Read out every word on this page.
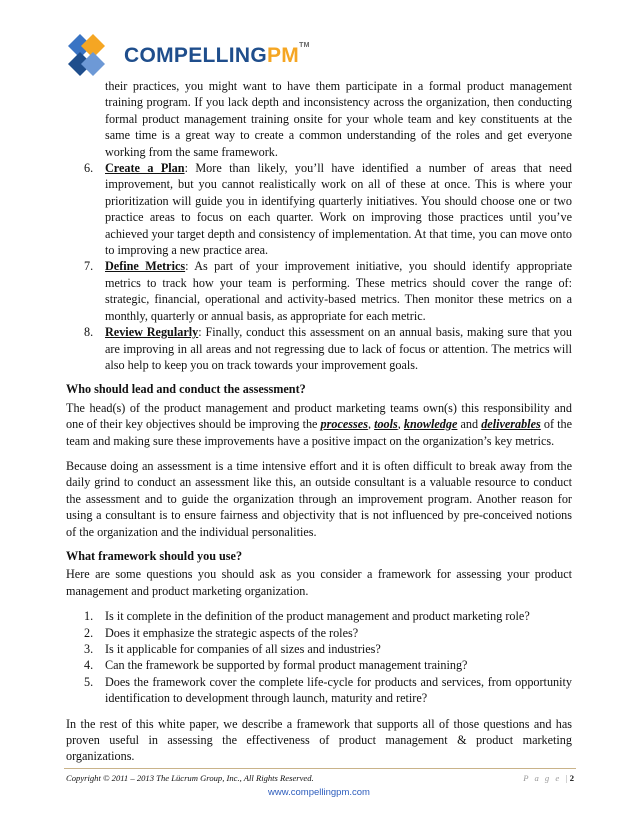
COMPELLINGPM™

their practices, you might want to have them participate in a formal product management training program. If you lack depth and inconsistency across the organization, then conducting formal product management training onsite for your whole team and key constituents at the same time is a great way to create a common understanding of the roles and get everyone working from the same framework.

6. Create a Plan: More than likely, you’ll have identified a number of areas that need improvement, but you cannot realistically work on all of these at once. This is where your prioritization will guide you in identifying quarterly initiatives. You should choose one or two practice areas to focus on each quarter. Work on improving those practices until you’ve achieved your target depth and consistency of implementation. At that time, you can move onto to improving a new practice area.
7. Define Metrics: As part of your improvement initiative, you should identify appropriate metrics to track how your team is performing. These metrics should cover the range of: strategic, financial, operational and activity-based metrics. Then monitor these metrics on a monthly, quarterly or annual basis, as appropriate for each metric.
8. Review Regularly: Finally, conduct this assessment on an annual basis, making sure that you are improving in all areas and not regressing due to lack of focus or attention. The metrics will also help to keep you on track towards your improvement goals.
Who should lead and conduct the assessment?

The head(s) of the product management and product marketing teams own(s) this responsibility and one of their key objectives should be improving the processes, tools, knowledge and deliverables of the team and making sure these improvements have a positive impact on the organization’s key metrics.

Because doing an assessment is a time intensive effort and it is often difficult to break away from the daily grind to conduct an assessment like this, an outside consultant is a valuable resource to conduct the assessment and to guide the organization through an improvement program. Another reason for using a consultant is to ensure fairness and objectivity that is not influenced by pre-conceived notions of the organization and the individual personalities.

What framework should you use?

Here are some questions you should ask as you consider a framework for assessing your product management and product marketing organization.

1. Is it complete in the definition of the product management and product marketing role?
2. Does it emphasize the strategic aspects of the roles?
3. Is it applicable for companies of all sizes and industries?
4. Can the framework be supported by formal product management training?
5. Does the framework cover the complete life-cycle for products and services, from opportunity identification to development through launch, maturity and retire?

In the rest of this white paper, we describe a framework that supports all of those questions and has proven useful in assessing the effectiveness of product management & product marketing organizations.

Copyright © 2011 – 2013 The Lücrum Group, Inc., All Rights Reserved.	P a g e |2
www.compellingpm.com
